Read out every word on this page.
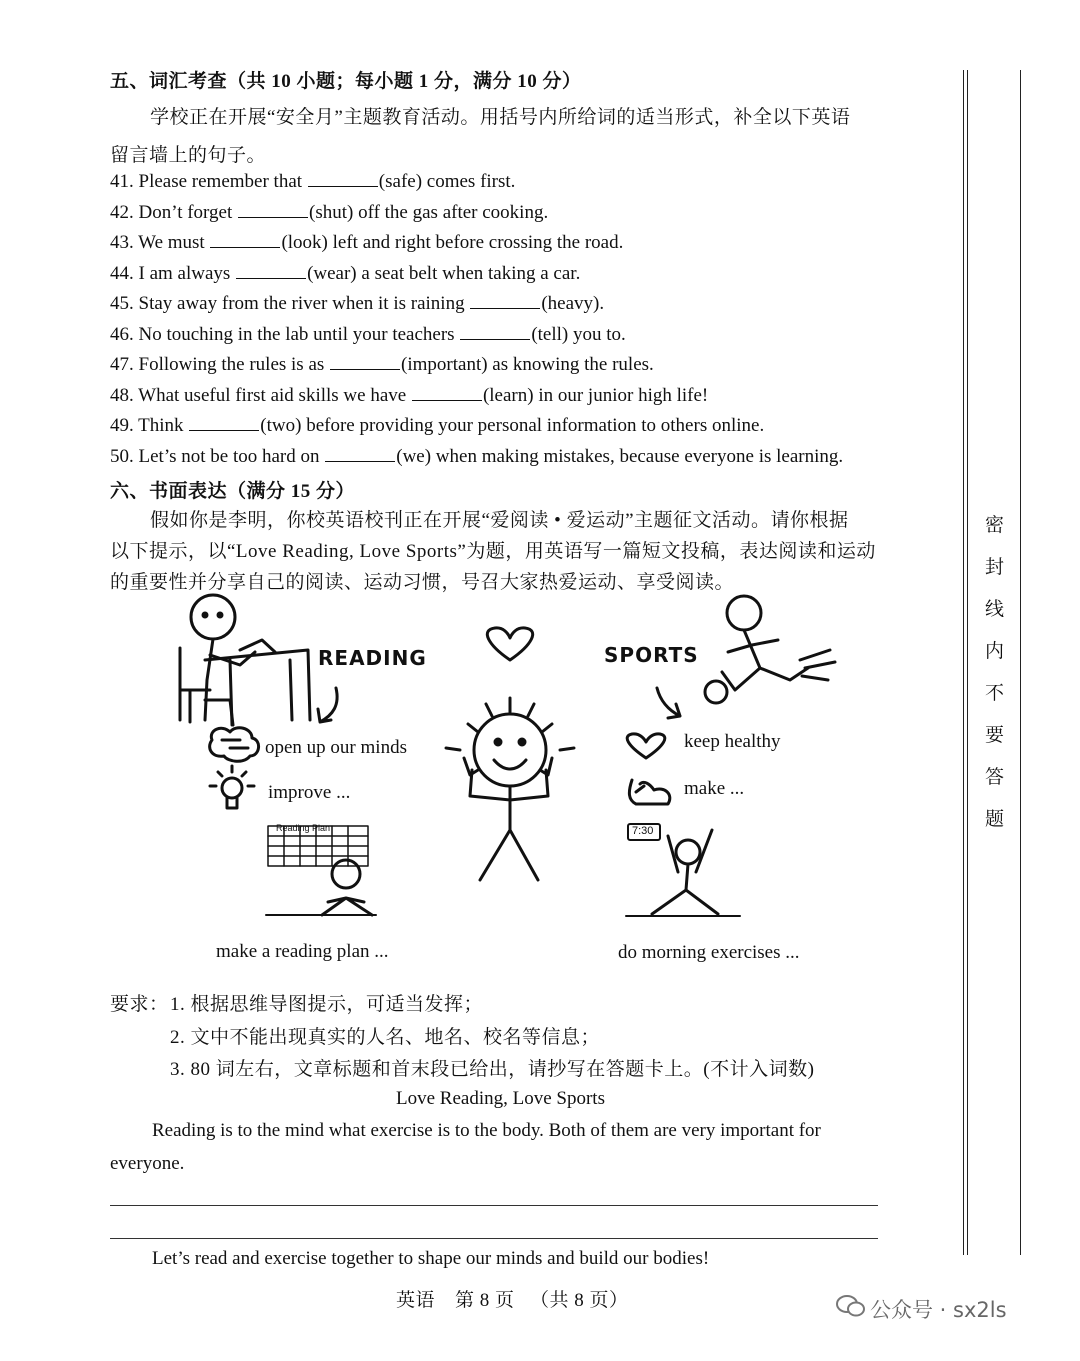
五、词汇考查（共 10 小题；每小题 1 分，满分 10 分）
学校正在开展“安全月”主题教育活动。用括号内所给词的适当形式，补全以下英语
留言墙上的句子。
41. Please remember that	(safe) comes first.
42. Don’t forget	(shut) off the gas after cooking.
43. We must	(look) left and right before crossing the road.
44. I am always	(wear) a seat belt when taking a car.
45. Stay away from the river when it is raining	(heavy).
46. No touching in the lab until your teachers	(tell) you to.
47. Following the rules is as	(important) as knowing the rules.
48. What useful first aid skills we have	(learn) in our junior high life!
49. Think	(two) before providing your personal information to others online.
50. Let’s not be too hard on	(we) when making mistakes, because everyone is learning.
六、书面表达（满分 15 分）
假如你是李明，你校英语校刊正在开展“爱阅读 • 爱运动”主题征文活动。请你根据
以下提示，以“Love Reading, Love Sports”为题，用英语写一篇短文投稿，表达阅读和运动
的重要性并分享自己的阅读、运动习惯，号召大家热爱运动、享受阅读。
READING	SPORTS
Reading Plan	7:30
open up our minds
improve ...
make a reading plan ...
keep healthy
make ...
do morning exercises ...
要求： 1. 根据思维导图提示，可适当发挥；
2. 文中不能出现真实的人名、地名、校名等信息；
3. 80 词左右，文章标题和首末段已给出，请抄写在答题卡上。(不计入词数)
Love Reading, Love Sports
Reading is to the mind what exercise is to the body. Both of them are very important for
everyone.
Let’s read and exercise together to shape our minds and build our bodies!
英语 第 8 页 （共 8 页）
密
封
线
内
不
要
答
题
公众号 · sx2ls
